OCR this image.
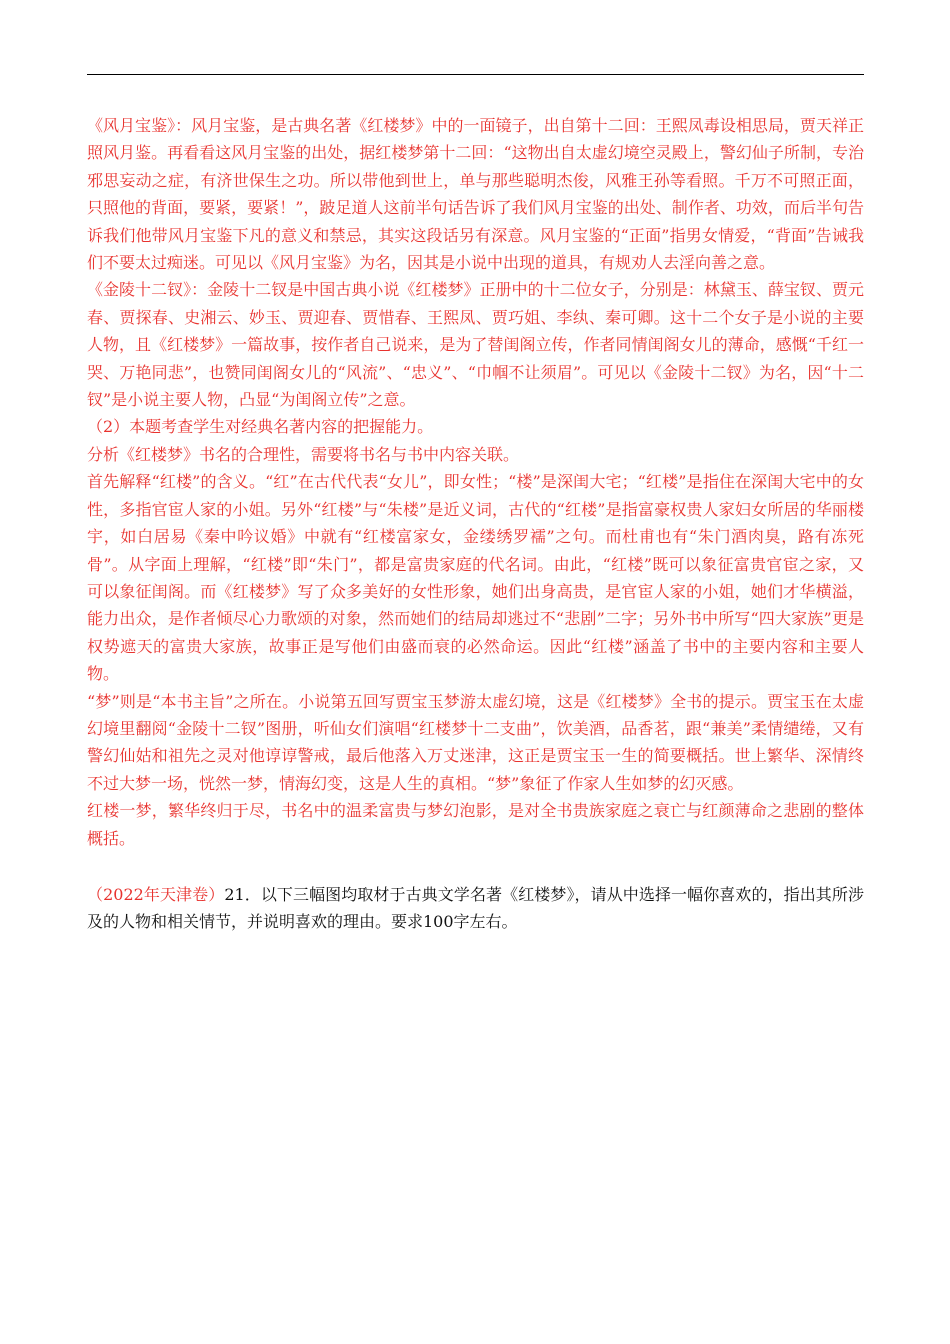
《风月宝鉴》：风月宝鉴，是古典名著《红楼梦》中的一面镜子，出自第十二回：王熙凤毒设相思局，贾天祥正照风月鉴。再看看这风月宝鉴的出处，据红楼梦第十二回：“这物出自太虚幻境空灵殿上，警幻仙子所制，专治邪思妄动之症，有济世保生之功。所以带他到世上，单与那些聪明杰俊，风雅王孙等看照。千万不可照正面，只照他的背面，要紧，要紧！”，跛足道人这前半句话告诉了我们风月宝鉴的出处、制作者、功效，而后半句告诉我们他带风月宝鉴下凡的意义和禁忌，其实这段话另有深意。风月宝鉴的“正面”指男女情爱，“背面”告诫我们不要太过痴迷。可见以《风月宝鉴》为名，因其是小说中出现的道具，有规劝人去淫向善之意。

《金陵十二钗》：金陵十二钗是中国古典小说《红楼梦》正册中的十二位女子，分别是：林黛玉、薛宝钗、贾元春、贾探春、史湘云、妙玉、贾迎春、贾惜春、王熙凤、贾巧姐、李纨、秦可卿。这十二个女子是小说的主要人物，且《红楼梦》一篇故事，按作者自己说来，是为了替闺阁立传，作者同情闺阁女儿的薄命，感慨“千红一哭、万艳同悲”，也赞同闺阁女儿的“风流”、“忠义”、“巾帼不让须眉”。可见以《金陵十二钗》为名，因“十二钗”是小说主要人物，凸显“为闺阁立传”之意。

（2）本题考查学生对经典名著内容的把握能力。

分析《红楼梦》书名的合理性，需要将书名与书中内容关联。

首先解释“红楼”的含义。“红”在古代代表“女儿”，即女性；“楼”是深闺大宅；“红楼”是指住在深闺大宅中的女性，多指官宦人家的小姐。另外“红楼”与“朱楼”是近义词，古代的“红楼”是指富豪权贵人家妇女所居的华丽楼宇，如白居易《秦中吟议婚》中就有“红楼富家女，金缕绣罗襦”之句。而杜甫也有“朱门酒肉臭，路有冻死骨”。从字面上理解，“红楼”即“朱门”，都是富贵家庭的代名词。由此，“红楼”既可以象征富贵官宦之家，又可以象征闺阁。而《红楼梦》写了众多美好的女性形象，她们出身高贵，是官宦人家的小姐，她们才华横溢，能力出众，是作者倾尽心力歌颂的对象，然而她们的结局却逃过不“悲剧”二字；另外书中所写“四大家族”更是权势遮天的富贵大家族，故事正是写他们由盛而衰的必然命运。因此“红楼”涵盖了书中的主要内容和主要人物。

“梦”则是“本书主旨”之所在。小说第五回写贾宝玉梦游太虚幻境，这是《红楼梦》全书的提示。贾宝玉在太虚幻境里翻阅“金陵十二钗”图册，听仙女们演唱“红楼梦十二支曲”，饮美酒，品香茗，跟“兼美”柔情缱绻，又有警幻仙姑和祖先之灵对他谆谆警戒，最后他落入万丈迷津，这正是贾宝玉一生的简要概括。世上繁华、深情终不过大梦一场，恍然一梦，情海幻变，这是人生的真相。“梦”象征了作家人生如梦的幻灭感。

红楼一梦，繁华终归于尽，书名中的温柔富贵与梦幻泡影，是对全书贵族家庭之衰亡与红颜薄命之悲剧的整体概括。

（2022年天津卷）21．以下三幅图均取材于古典文学名著《红楼梦》，请从中选择一幅你喜欢的，指出其所涉及的人物和相关情节，并说明喜欢的理由。要求100字左右。
